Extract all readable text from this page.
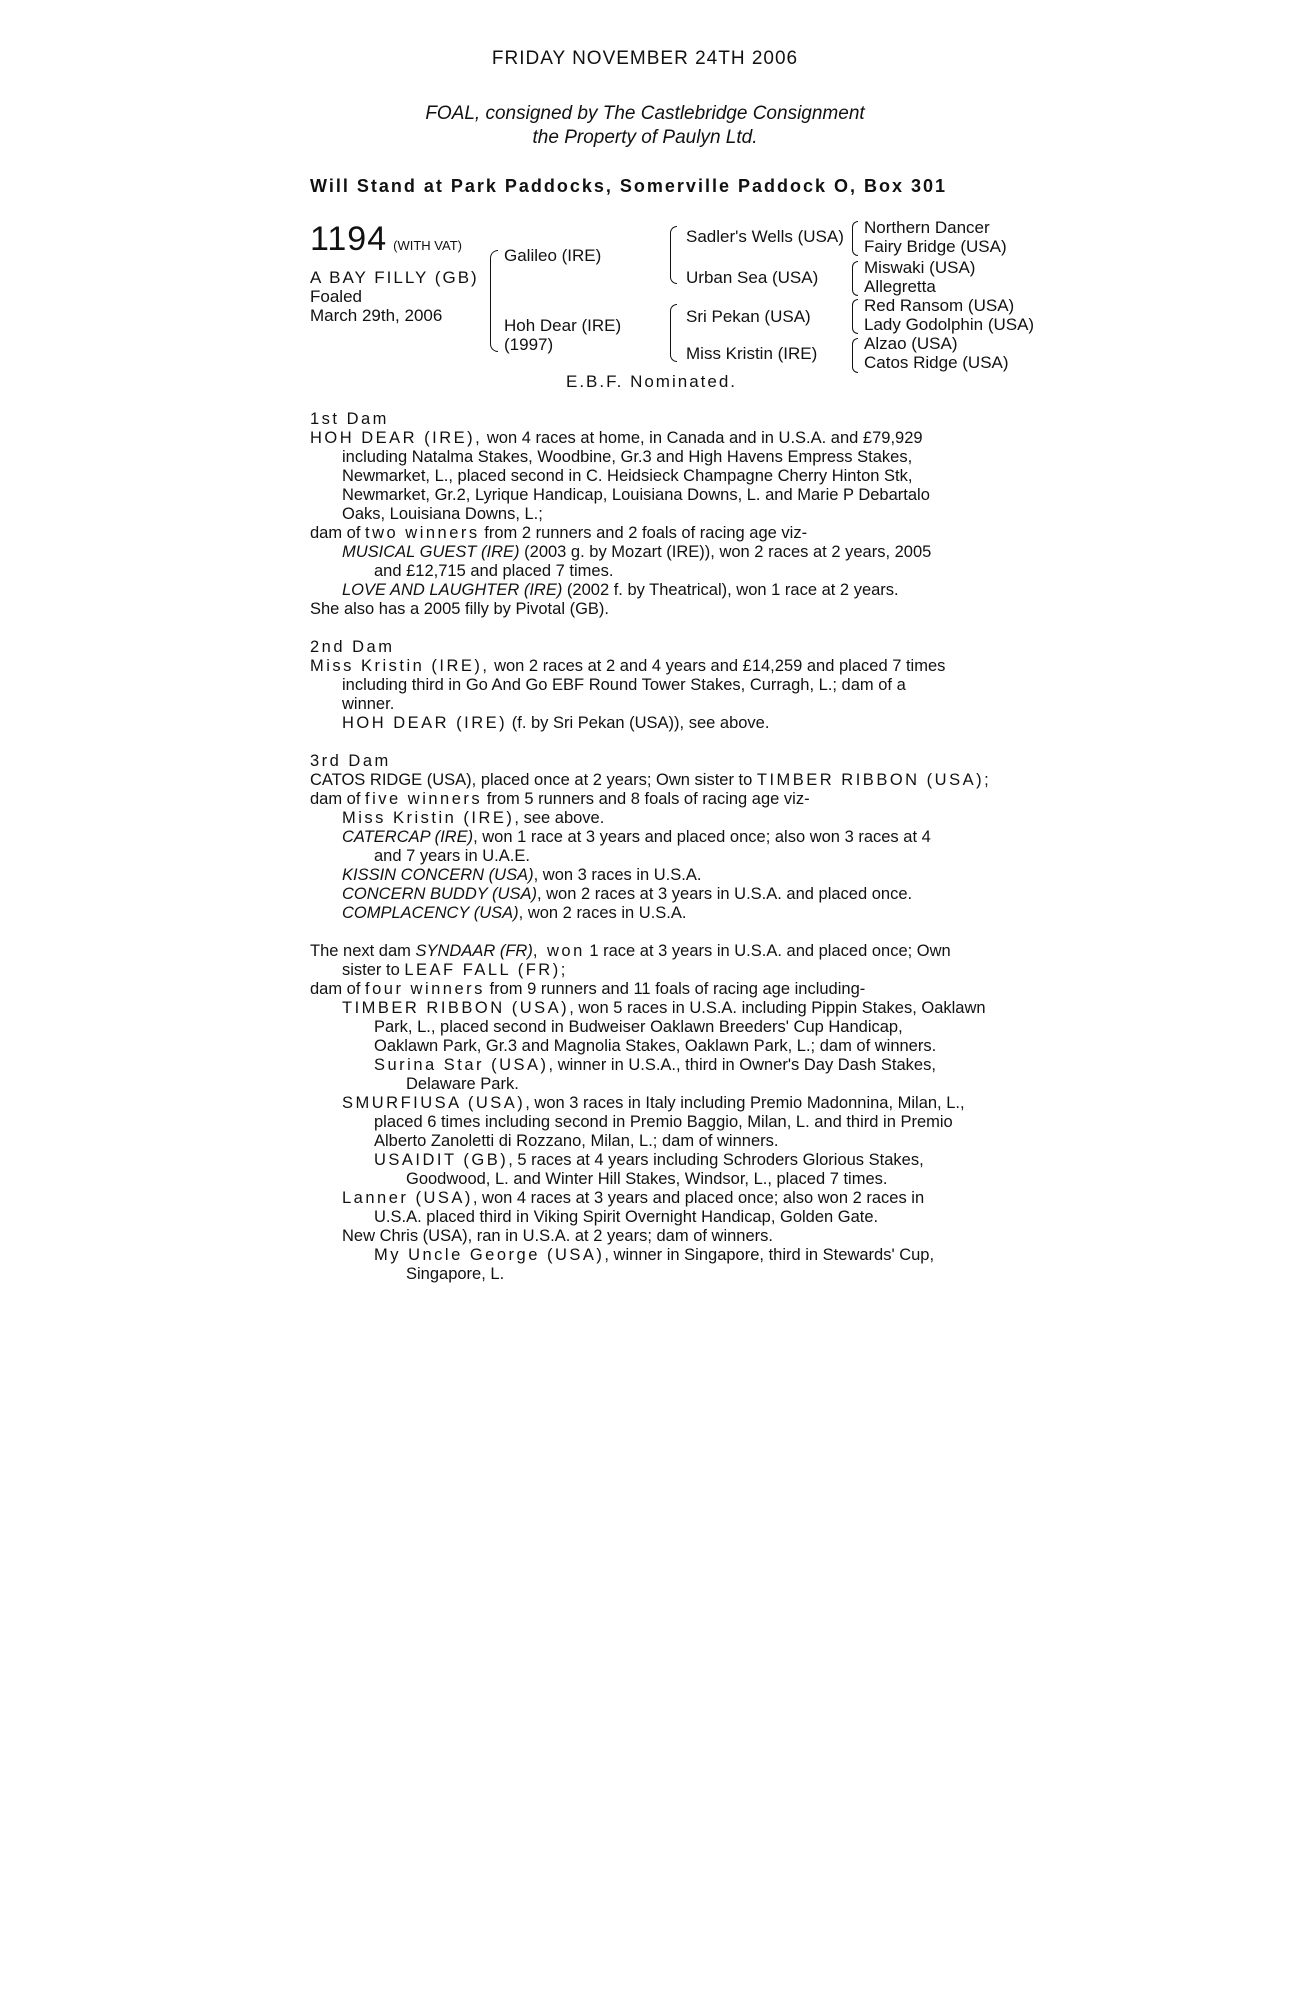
FRIDAY NOVEMBER 24TH 2006
FOAL, consigned by The Castlebridge Consignment
the Property of Paulyn Ltd.
Will Stand at Park Paddocks, Somerville Paddock O, Box 301
1194 (WITH VAT)
A BAY FILLY (GB)
Foaled
March 29th, 2006
Galileo (IRE)
Hoh Dear (IRE)
(1997)
Sadler's Wells (USA)
Urban Sea (USA)
Sri Pekan (USA)
Miss Kristin (IRE)
Northern Dancer
Fairy Bridge (USA)
Miswaki (USA)
Allegretta
Red Ransom (USA)
Lady Godolphin (USA)
Alzao (USA)
Catos Ridge (USA)
E.B.F. Nominated.
1st Dam
HOH DEAR (IRE), won 4 races at home, in Canada and in U.S.A. and £79,929
including Natalma Stakes, Woodbine, Gr.3 and High Havens Empress Stakes,
Newmarket, L., placed second in C. Heidsieck Champagne Cherry Hinton Stk,
Newmarket, Gr.2, Lyrique Handicap, Louisiana Downs, L. and Marie P Debartalo
Oaks, Louisiana Downs, L.;
dam of two winners from 2 runners and 2 foals of racing age viz-
MUSICAL GUEST (IRE) (2003 g. by Mozart (IRE)), won 2 races at 2 years, 2005
and £12,715 and placed 7 times.
LOVE AND LAUGHTER (IRE) (2002 f. by Theatrical), won 1 race at 2 years.
She also has a 2005 filly by Pivotal (GB).
2nd Dam
Miss Kristin (IRE), won 2 races at 2 and 4 years and £14,259 and placed 7 times
including third in Go And Go EBF Round Tower Stakes, Curragh, L.; dam of a
winner.
HOH DEAR (IRE) (f. by Sri Pekan (USA)), see above.
3rd Dam
CATOS RIDGE (USA), placed once at 2 years; Own sister to TIMBER RIBBON (USA);
dam of five winners from 5 runners and 8 foals of racing age viz-
Miss Kristin (IRE), see above.
CATERCAP (IRE), won 1 race at 3 years and placed once; also won 3 races at 4
and 7 years in U.A.E.
KISSIN CONCERN (USA), won 3 races in U.S.A.
CONCERN BUDDY (USA), won 2 races at 3 years in U.S.A. and placed once.
COMPLACENCY (USA), won 2 races in U.S.A.
The next dam SYNDAAR (FR), won 1 race at 3 years in U.S.A. and placed once; Own
sister to LEAF FALL (FR);
dam of four winners from 9 runners and 11 foals of racing age including-
TIMBER RIBBON (USA), won 5 races in U.S.A. including Pippin Stakes, Oaklawn
Park, L., placed second in Budweiser Oaklawn Breeders' Cup Handicap,
Oaklawn Park, Gr.3 and Magnolia Stakes, Oaklawn Park, L.; dam of winners.
Surina Star (USA), winner in U.S.A., third in Owner's Day Dash Stakes,
Delaware Park.
SMURFIUSA (USA), won 3 races in Italy including Premio Madonnina, Milan, L.,
placed 6 times including second in Premio Baggio, Milan, L. and third in Premio
Alberto Zanoletti di Rozzano, Milan, L.; dam of winners.
USAIDIT (GB), 5 races at 4 years including Schroders Glorious Stakes,
Goodwood, L. and Winter Hill Stakes, Windsor, L., placed 7 times.
Lanner (USA), won 4 races at 3 years and placed once; also won 2 races in
U.S.A. placed third in Viking Spirit Overnight Handicap, Golden Gate.
New Chris (USA), ran in U.S.A. at 2 years; dam of winners.
My Uncle George (USA), winner in Singapore, third in Stewards' Cup,
Singapore, L.
